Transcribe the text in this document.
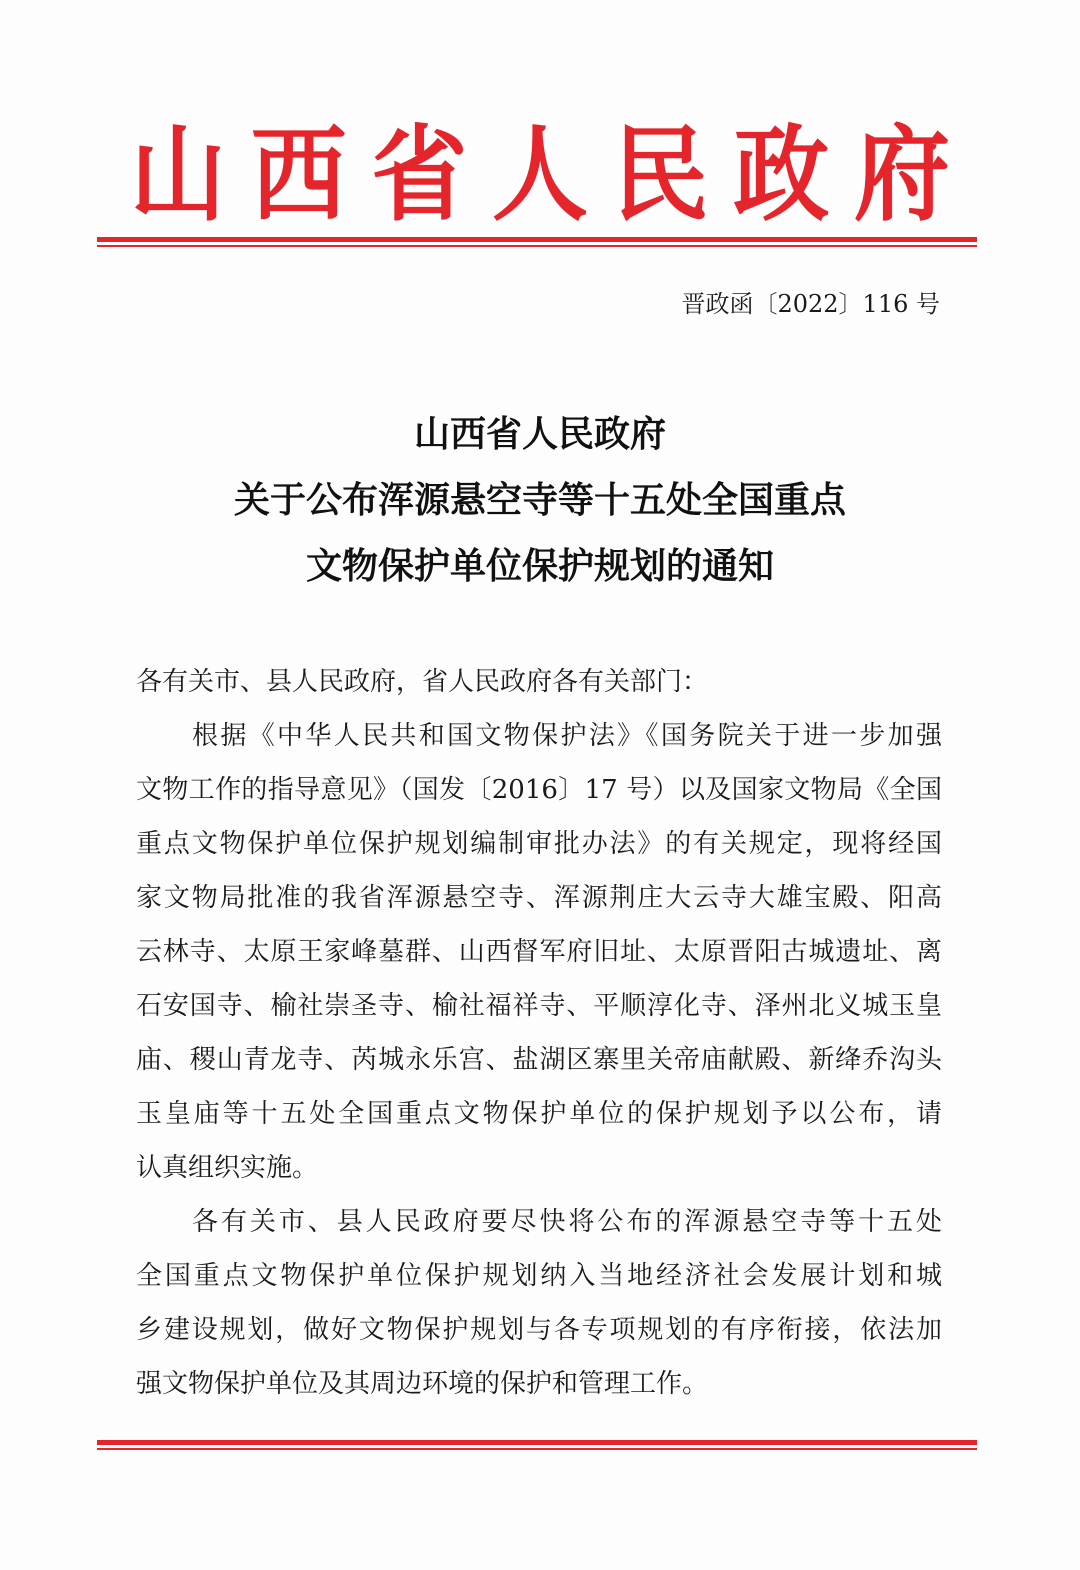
山 西 省 人 民 政 府
晋政函〔2022〕116 号
山西省人民政府
关于公布浑源悬空寺等十五处全国重点
文物保护单位保护规划的通知
各有关市、县人民政府，省人民政府各有关部门：
根据《中华人民共和国文物保护法》《国务院关于进一步加强
文物工作的指导意见》（国发〔2016〕17 号）以及国家文物局《全国
重点文物保护单位保护规划编制审批办法》的有关规定，现将经国
家文物局批准的我省浑源悬空寺、浑源荆庄大云寺大雄宝殿、阳高
云林寺、太原王家峰墓群、山西督军府旧址、太原晋阳古城遗址、离
石安国寺、榆社崇圣寺、榆社福祥寺、平顺淳化寺、泽州北义城玉皇
庙、稷山青龙寺、芮城永乐宫、盐湖区寨里关帝庙献殿、新绛乔沟头
玉皇庙等十五处全国重点文物保护单位的保护规划予以公布，请
认真组织实施。
各有关市、县人民政府要尽快将公布的浑源悬空寺等十五处
全国重点文物保护单位保护规划纳入当地经济社会发展计划和城
乡建设规划，做好文物保护规划与各专项规划的有序衔接，依法加
强文物保护单位及其周边环境的保护和管理工作。
